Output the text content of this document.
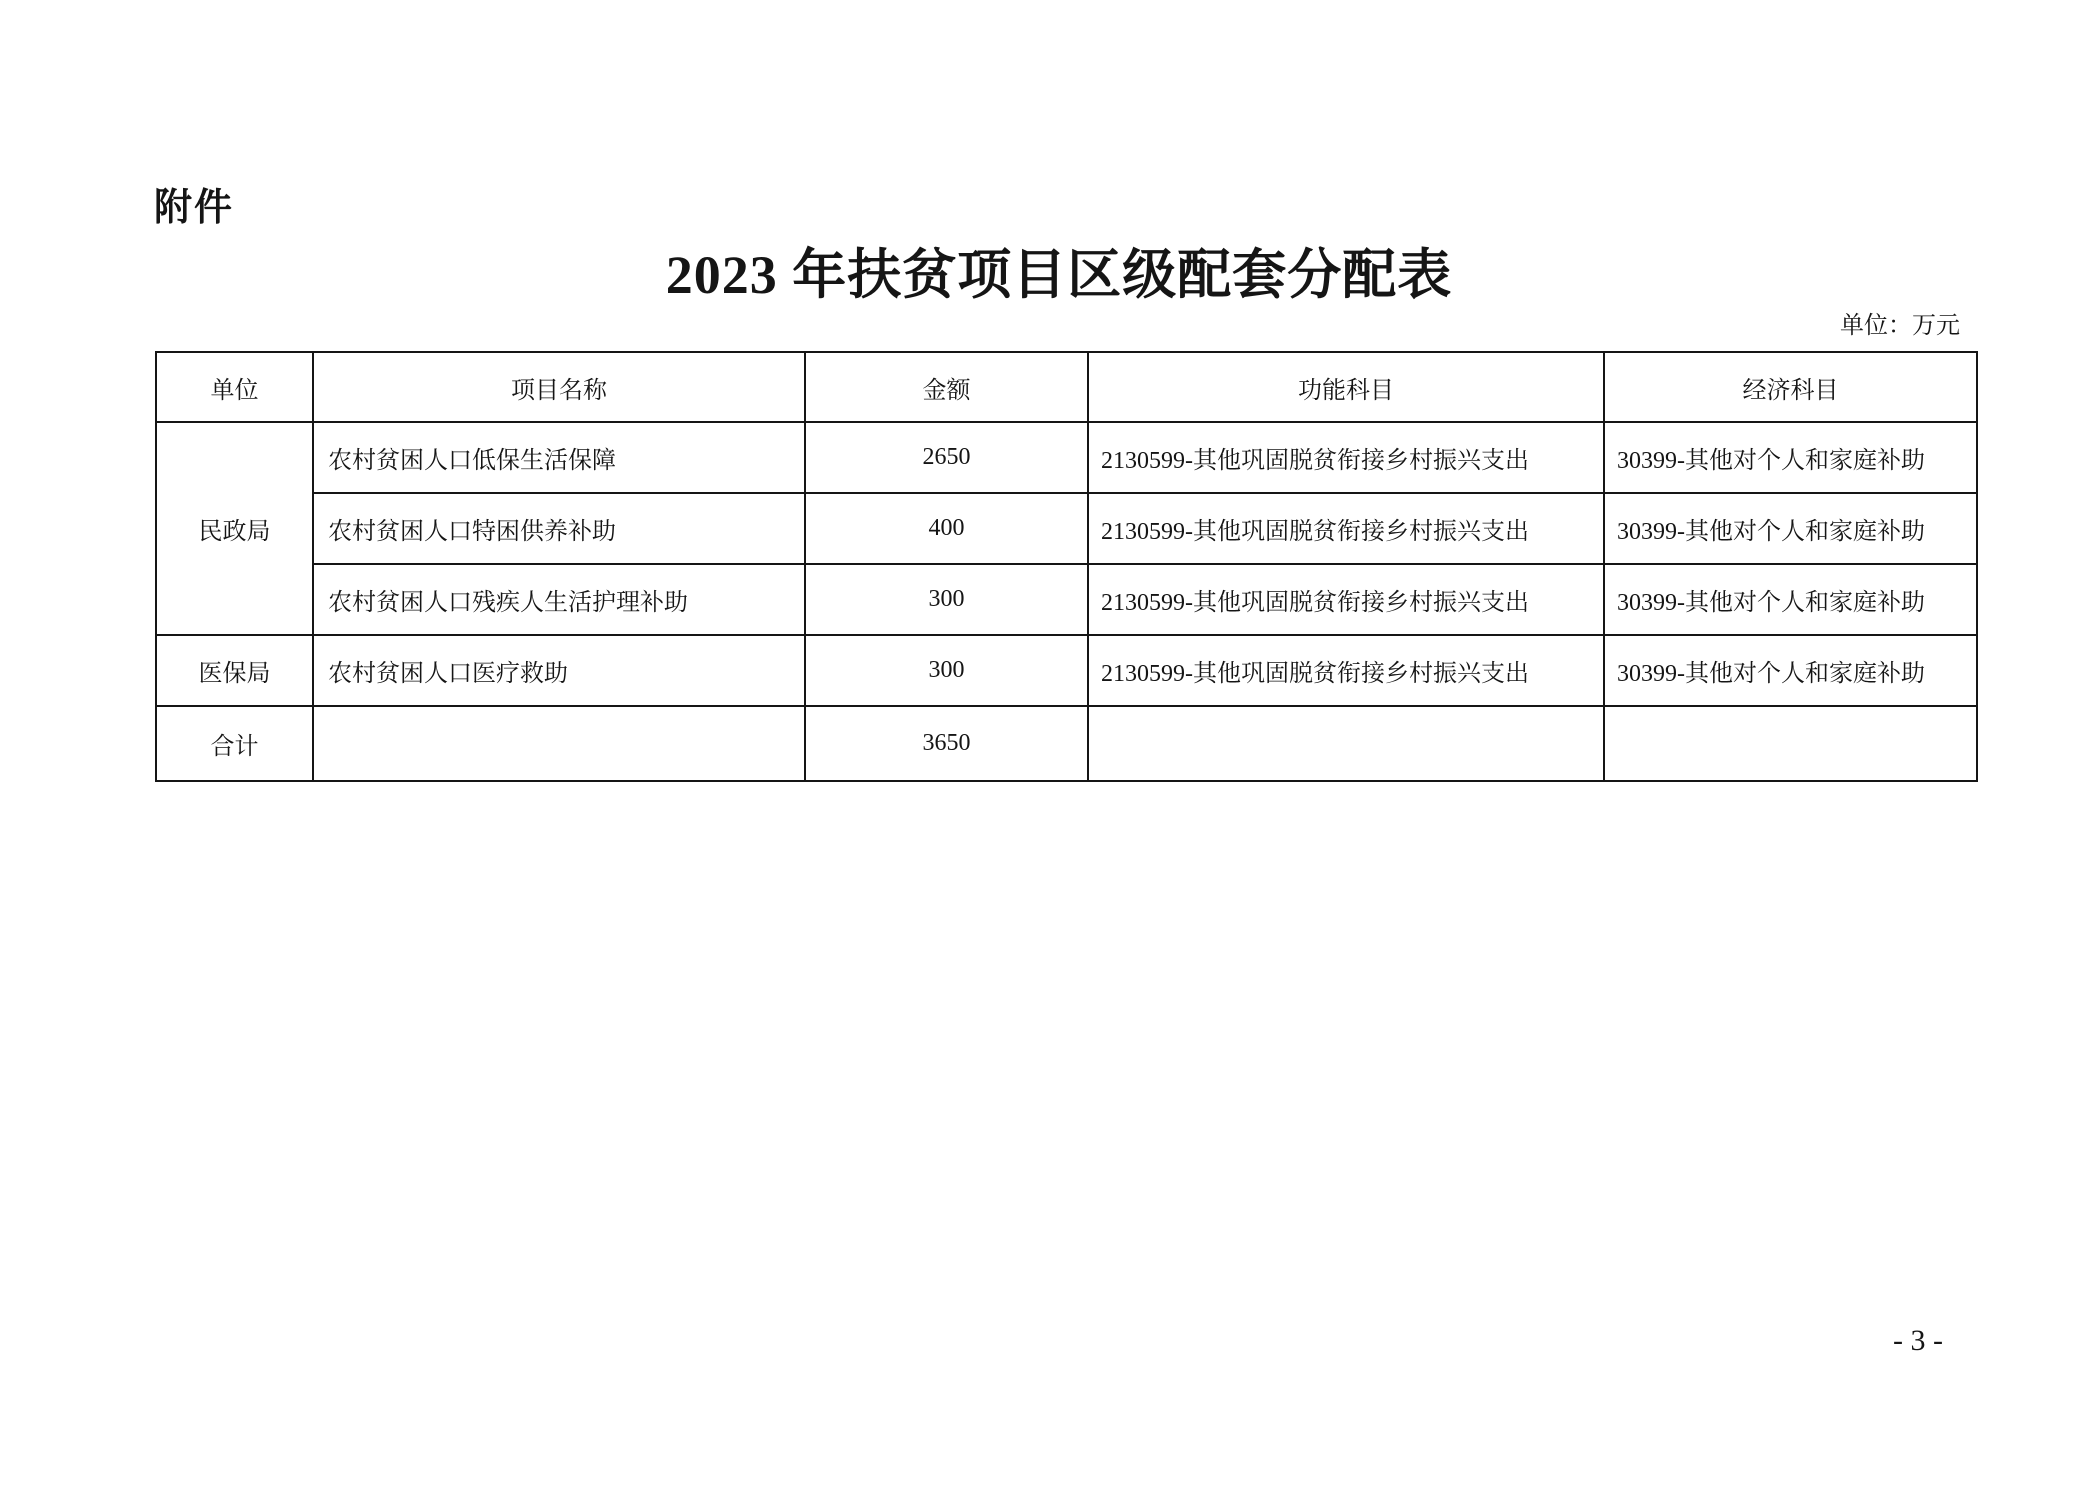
附件
2023 年扶贫项目区级配套分配表
单位：万元
单位	项目名称	金额	功能科目	经济科目
民政局	农村贫困人口低保生活保障	2650	2130599-其他巩固脱贫衔接乡村振兴支出	30399-其他对个人和家庭补助
	农村贫困人口特困供养补助	400	2130599-其他巩固脱贫衔接乡村振兴支出	30399-其他对个人和家庭补助
	农村贫困人口残疾人生活护理补助	300	2130599-其他巩固脱贫衔接乡村振兴支出	30399-其他对个人和家庭补助
医保局	农村贫困人口医疗救助	300	2130599-其他巩固脱贫衔接乡村振兴支出	30399-其他对个人和家庭补助
合计		3650		
- 3 -
